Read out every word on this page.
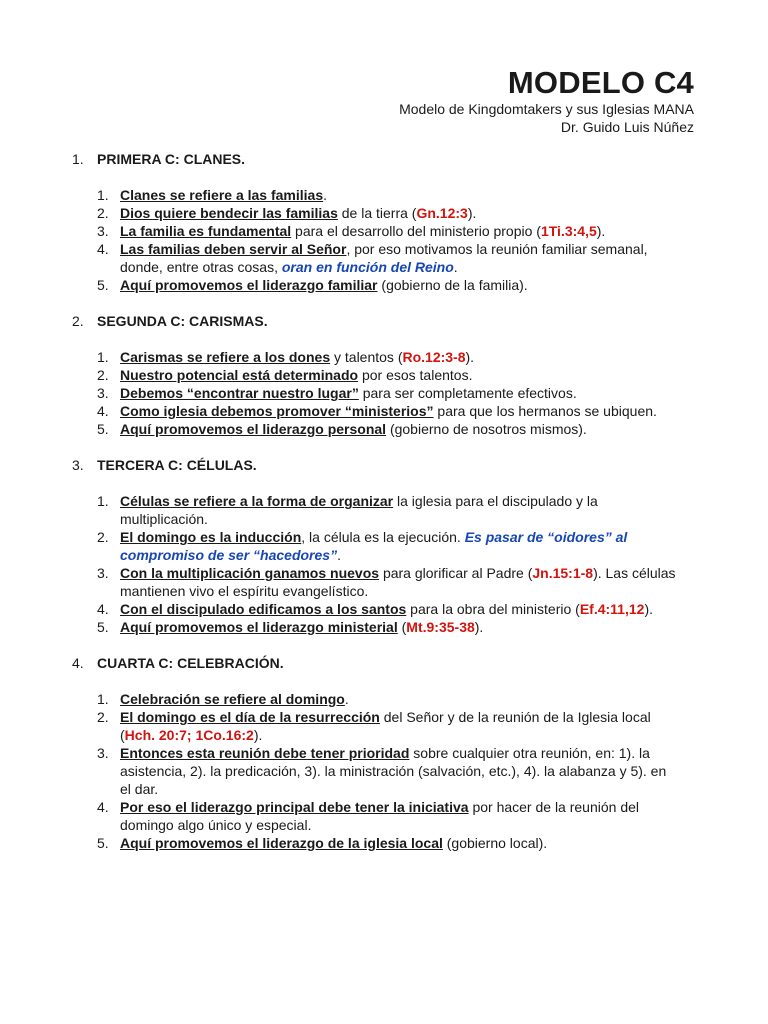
MODELO C4
Modelo de Kingdomtakers y sus Iglesias MANA
Dr. Guido Luis Núñez
1. PRIMERA C: CLANES.
1. Clanes se refiere a las familias.
2. Dios quiere bendecir las familias de la tierra (Gn.12:3).
3. La familia es fundamental para el desarrollo del ministerio propio (1Ti.3:4,5).
4. Las familias deben servir al Señor, por eso motivamos la reunión familiar semanal, donde, entre otras cosas, oran en función del Reino.
5. Aquí promovemos el liderazgo familiar (gobierno de la familia).
2. SEGUNDA C: CARISMAS.
1. Carismas se refiere a los dones y talentos (Ro.12:3-8).
2. Nuestro potencial está determinado por esos talentos.
3. Debemos “encontrar nuestro lugar” para ser completamente efectivos.
4. Como iglesia debemos promover “ministerios” para que los hermanos se ubiquen.
5. Aquí promovemos el liderazgo personal (gobierno de nosotros mismos).
3. TERCERA C: CÉLULAS.
1. Células se refiere a la forma de organizar la iglesia para el discipulado y la multiplicación.
2. El domingo es la inducción, la célula es la ejecución. Es pasar de “oidores” al compromiso de ser “hacedores”.
3. Con la multiplicación ganamos nuevos para glorificar al Padre (Jn.15:1-8). Las células mantienen vivo el espíritu evangelístico.
4. Con el discipulado edificamos a los santos para la obra del ministerio (Ef.4:11,12).
5. Aquí promovemos el liderazgo ministerial (Mt.9:35-38).
4. CUARTA C: CELEBRACIÓN.
1. Celebración se refiere al domingo.
2. El domingo es el día de la resurrección del Señor y de la reunión de la Iglesia local (Hch. 20:7; 1Co.16:2).
3. Entonces esta reunión debe tener prioridad sobre cualquier otra reunión, en: 1). la asistencia, 2). la predicación, 3). la ministración (salvación, etc.), 4). la alabanza y 5). en el dar.
4. Por eso el liderazgo principal debe tener la iniciativa por hacer de la reunión del domingo algo único y especial.
5. Aquí promovemos el liderazgo de la iglesia local (gobierno local).
